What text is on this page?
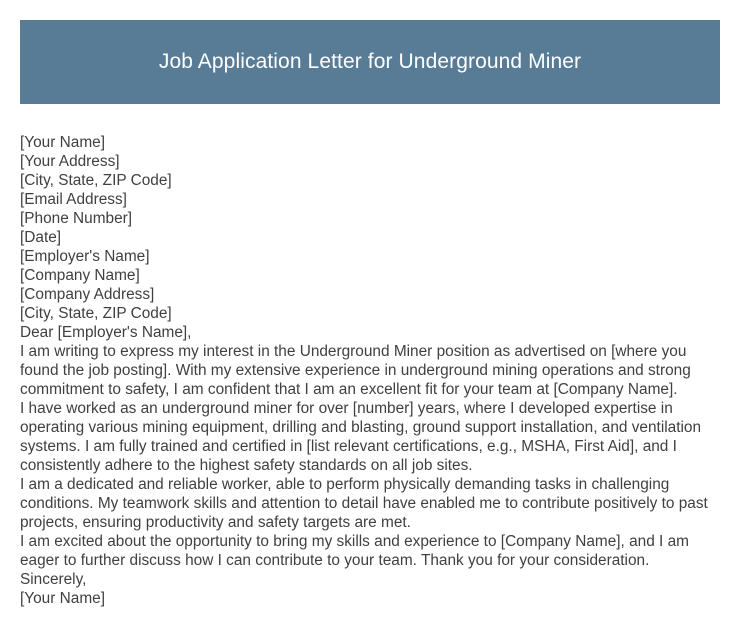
Job Application Letter for Underground Miner
[Your Name]
[Your Address]
[City, State, ZIP Code]
[Email Address]
[Phone Number]
[Date]
[Employer's Name]
[Company Name]
[Company Address]
[City, State, ZIP Code]
Dear [Employer's Name],
I am writing to express my interest in the Underground Miner position as advertised on [where you found the job posting]. With my extensive experience in underground mining operations and strong commitment to safety, I am confident that I am an excellent fit for your team at [Company Name].
I have worked as an underground miner for over [number] years, where I developed expertise in operating various mining equipment, drilling and blasting, ground support installation, and ventilation systems. I am fully trained and certified in [list relevant certifications, e.g., MSHA, First Aid], and I consistently adhere to the highest safety standards on all job sites.
I am a dedicated and reliable worker, able to perform physically demanding tasks in challenging conditions. My teamwork skills and attention to detail have enabled me to contribute positively to past projects, ensuring productivity and safety targets are met.
I am excited about the opportunity to bring my skills and experience to [Company Name], and I am eager to further discuss how I can contribute to your team. Thank you for your consideration.
Sincerely,
[Your Name]
